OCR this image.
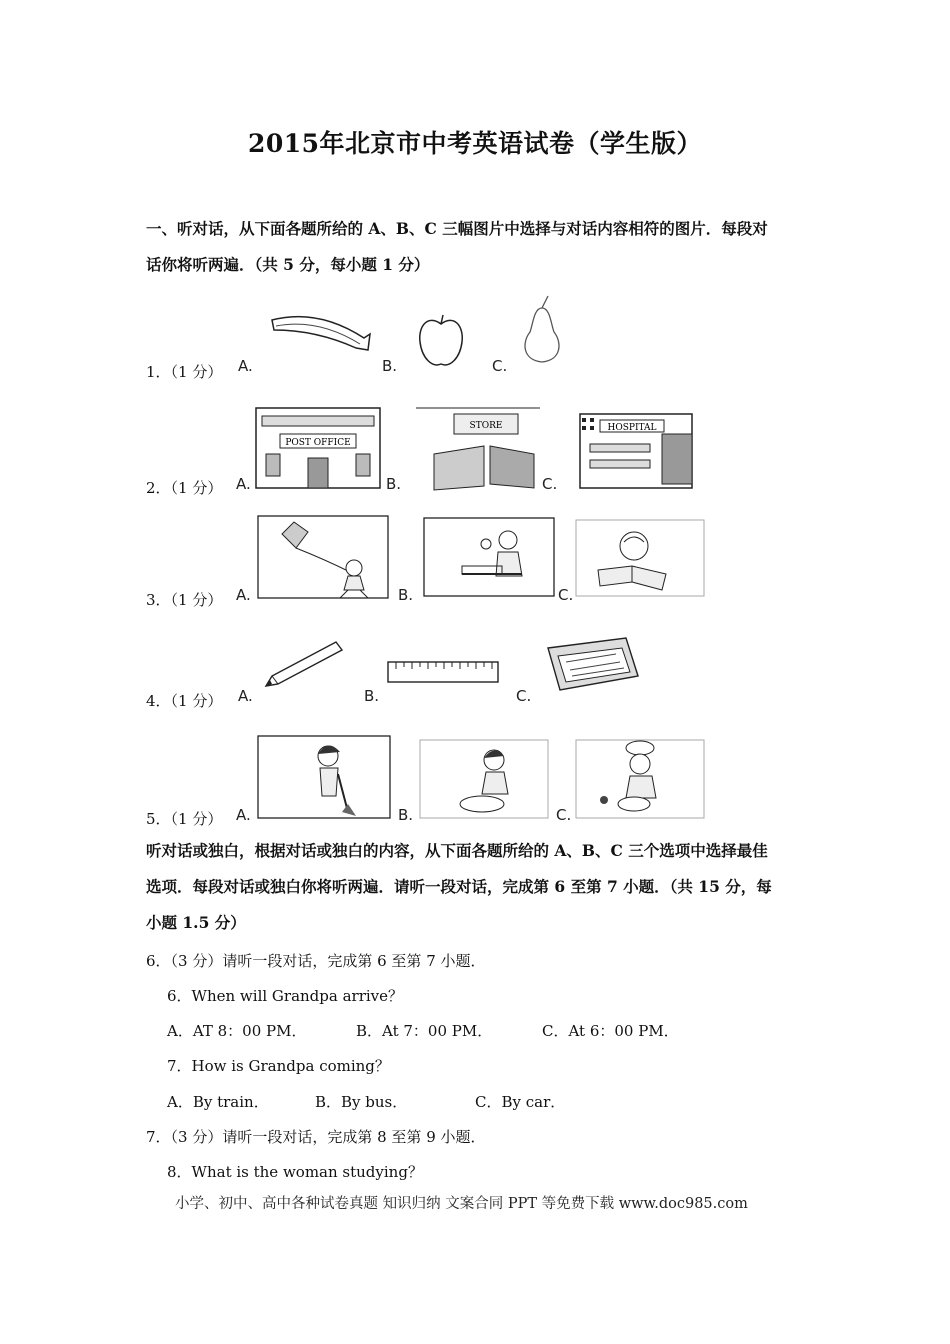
2015年北京市中考英语试卷（学生版）
一、听对话，从下面各题所给的 A、B、C 三幅图片中选择与对话内容相符的图片．每段对
话你将听两遍．（共 5 分，每小题 1 分）
1．（1 分） A.	B.	C.
2．（1 分） A.	B.	C.
POST OFFICE
STORE	HOSPITAL
3．（1 分） A.	B.	C.
4．（1 分） A.	B.	C.
5．（1 分） A.	B.	C.
听对话或独白，根据对话或独白的内容，从下面各题所给的 A、B、C 三个选项中选择最佳
选项．每段对话或独白你将听两遍．请听一段对话，完成第 6 至第 7 小题．（共 15 分，每
小题 1.5 分）
6．（3 分）请听一段对话，完成第 6 至第 7 小题．
6．When will Grandpa arrive？
A．AT 8：00 PM．	B．At 7：00 PM．	C．At 6：00 PM．
7．How is Grandpa coming？
A．By train．	B．By bus．	C．By car．
7．（3 分）请听一段对话，完成第 8 至第 9 小题．
8．What is the woman studying？
小学、初中、高中各种试卷真题 知识归纳 文案合同 PPT 等免费下载 www.doc985.com
